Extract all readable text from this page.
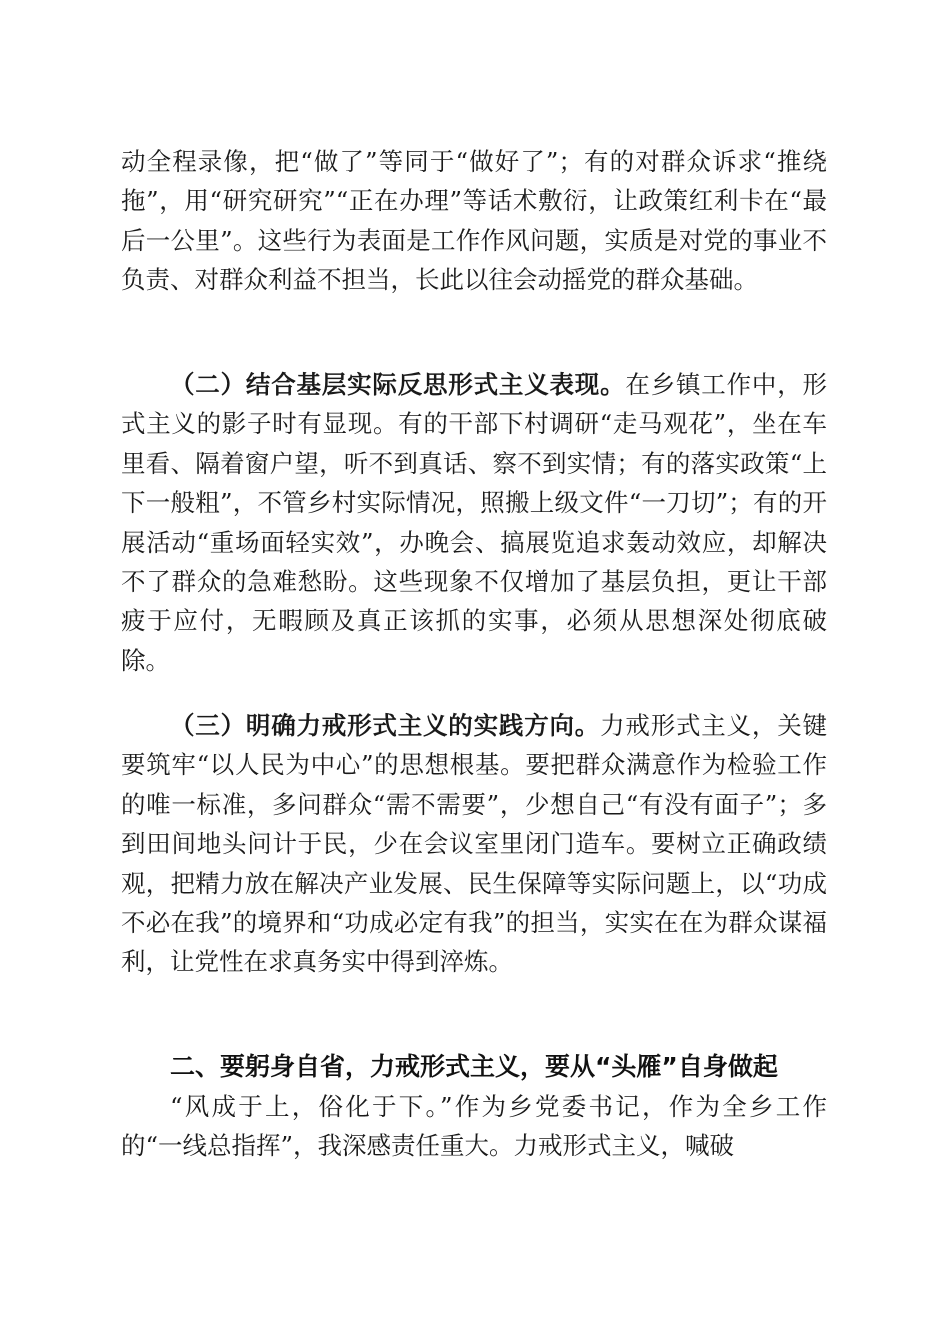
动全程录像，把“做了”等同于“做好了”；有的对群众诉求“推绕拖”，用“研究研究”“正在办理”等话术敷衍，让政策红利卡在“最后一公里”。这些行为表面是工作作风问题，实质是对党的事业不负责、对群众利益不担当，长此以往会动摇党的群众基础。

（二）结合基层实际反思形式主义表现。在乡镇工作中，形式主义的影子时有显现。有的干部下村调研“走马观花”，坐在车里看、隔着窗户望，听不到真话、察不到实情；有的落实政策“上下一般粗”，不管乡村实际情况，照搬上级文件“一刀切”；有的开展活动“重场面轻实效”，办晚会、搞展览追求轰动效应，却解决不了群众的急难愁盼。这些现象不仅增加了基层负担，更让干部疲于应付，无暇顾及真正该抓的实事，必须从思想深处彻底破除。

（三）明确力戒形式主义的实践方向。力戒形式主义，关键要筑牢“以人民为中心”的思想根基。要把群众满意作为检验工作的唯一标准，多问群众“需不需要”，少想自己“有没有面子”；多到田间地头问计于民，少在会议室里闭门造车。要树立正确政绩观，把精力放在解决产业发展、民生保障等实际问题上，以“功成不必在我”的境界和“功成必定有我”的担当，实实在在为群众谋福利，让党性在求真务实中得到淬炼。

二、要躬身自省，力戒形式主义，要从“头雁”自身做起

“风成于上，俗化于下。”作为乡党委书记，作为全乡工作的“一线总指挥”，我深感责任重大。力戒形式主义，喊破
